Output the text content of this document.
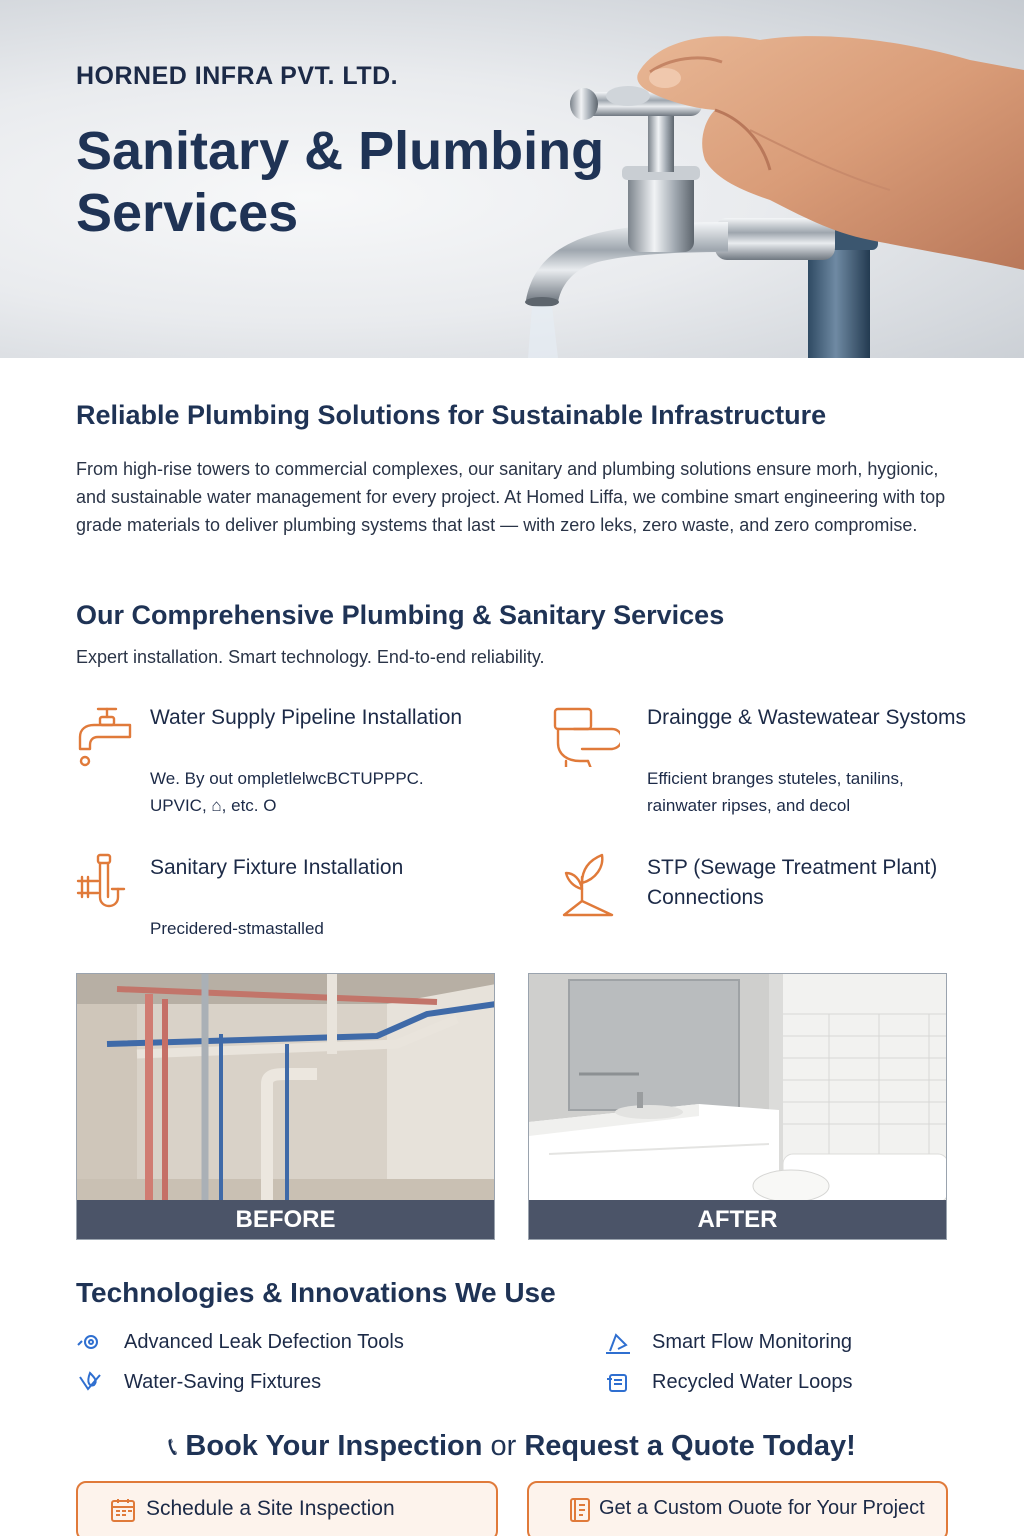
HORNED INFRA PVT. LTD.
Sanitary & Plumbing Services
Reliable Plumbing Solutions for Sustainable Infrastructure

From high-rise towers to commercial complexes, our sanitary and plumbing solutions ensure morh, hygionic, and sustainable water management for every project. At Homed Liffa, we combine smart engineering with top grade materials to deliver plumbing systems that last — with zero leks, zero waste, and zero compromise.

Our Comprehensive Plumbing & Sanitary Services

Expert installation. Smart technology. End-to-end reliability.

Water Supply Pipeline Installation
We. By out ompletlelwcBCTUPPPC. UPVIC, ⌂, etc. O
Draingge & Wastewatear Systoms
Efficient branges stuteles, tanilins, rainwater ripses, and decol
Sanitary Fixture Installation
Precidered-stmastalled
STP (Sewage Treatment Plant) Connections
BEFORE	AFTER
Technologies & Innovations We Use
Advanced Leak Defection Tools	Smart Flow Monitoring
Water-Saving Fixtures	Recycled Water Loops
📞︎ Book Your Inspection or Request a Quote Today!
Schedule a Site Inspection	Get a Custom Ouote for Your Project
